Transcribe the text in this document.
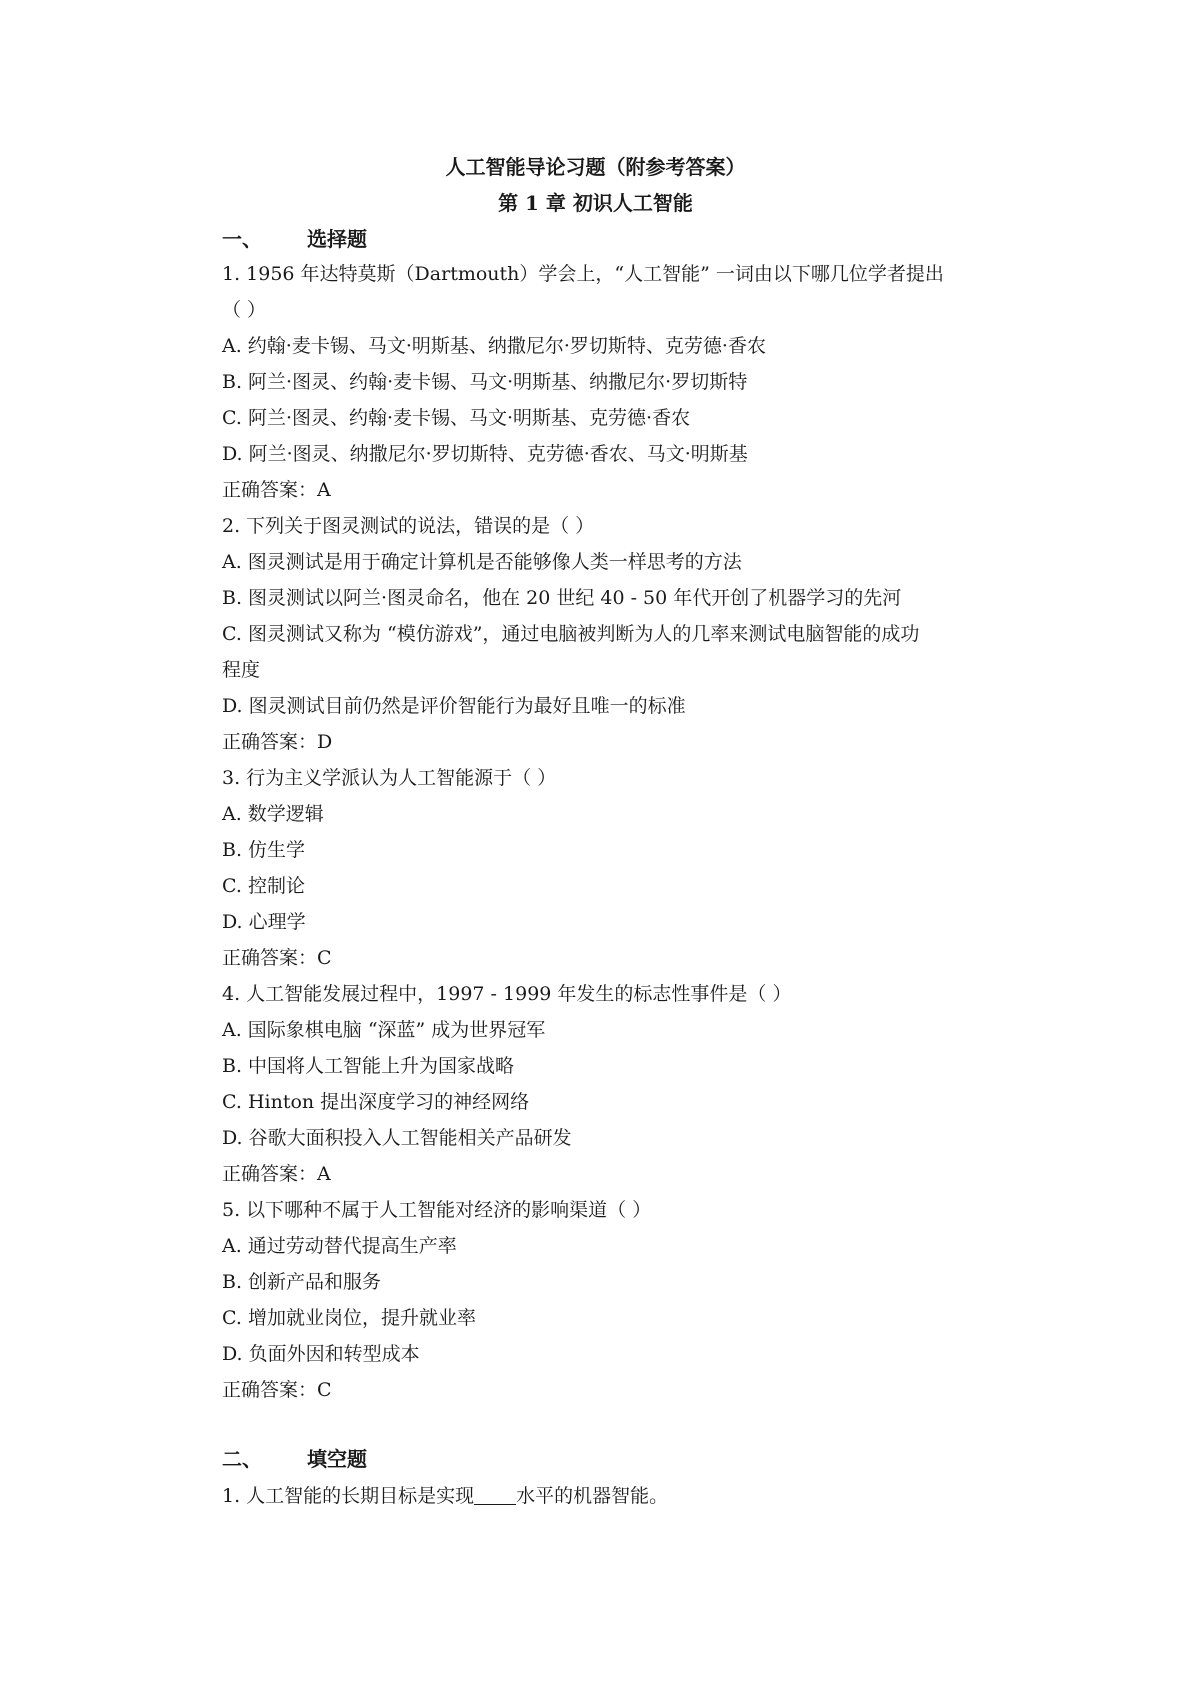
人工智能导论习题（附参考答案）
第 1 章 初识人工智能
一、 选择题
1. 1956 年达特莫斯（Dartmouth）学会上，“人工智能” 一词由以下哪几位学者提出
（ ）
A. 约翰·麦卡锡、马文·明斯基、纳撒尼尔·罗切斯特、克劳德·香农
B. 阿兰·图灵、约翰·麦卡锡、马文·明斯基、纳撒尼尔·罗切斯特
C. 阿兰·图灵、约翰·麦卡锡、马文·明斯基、克劳德·香农
D. 阿兰·图灵、纳撒尼尔·罗切斯特、克劳德·香农、马文·明斯基
正确答案：A
2. 下列关于图灵测试的说法，错误的是（ ）
A. 图灵测试是用于确定计算机是否能够像人类一样思考的方法
B. 图灵测试以阿兰·图灵命名，他在 20 世纪 40 - 50 年代开创了机器学习的先河
C. 图灵测试又称为 “模仿游戏”，通过电脑被判断为人的几率来测试电脑智能的成功
程度
D. 图灵测试目前仍然是评价智能行为最好且唯一的标准
正确答案：D
3. 行为主义学派认为人工智能源于（ ）
A. 数学逻辑
B. 仿生学
C. 控制论
D. 心理学
正确答案：C
4. 人工智能发展过程中，1997 - 1999 年发生的标志性事件是（ ）
A. 国际象棋电脑 “深蓝” 成为世界冠军
B. 中国将人工智能上升为国家战略
C. Hinton 提出深度学习的神经网络
D. 谷歌大面积投入人工智能相关产品研发
正确答案：A
5. 以下哪种不属于人工智能对经济的影响渠道（ ）
A. 通过劳动替代提高生产率
B. 创新产品和服务
C. 增加就业岗位，提升就业率
D. 负面外因和转型成本
正确答案：C
二、 填空题
1. 人工智能的长期目标是实现 水平的机器智能。
